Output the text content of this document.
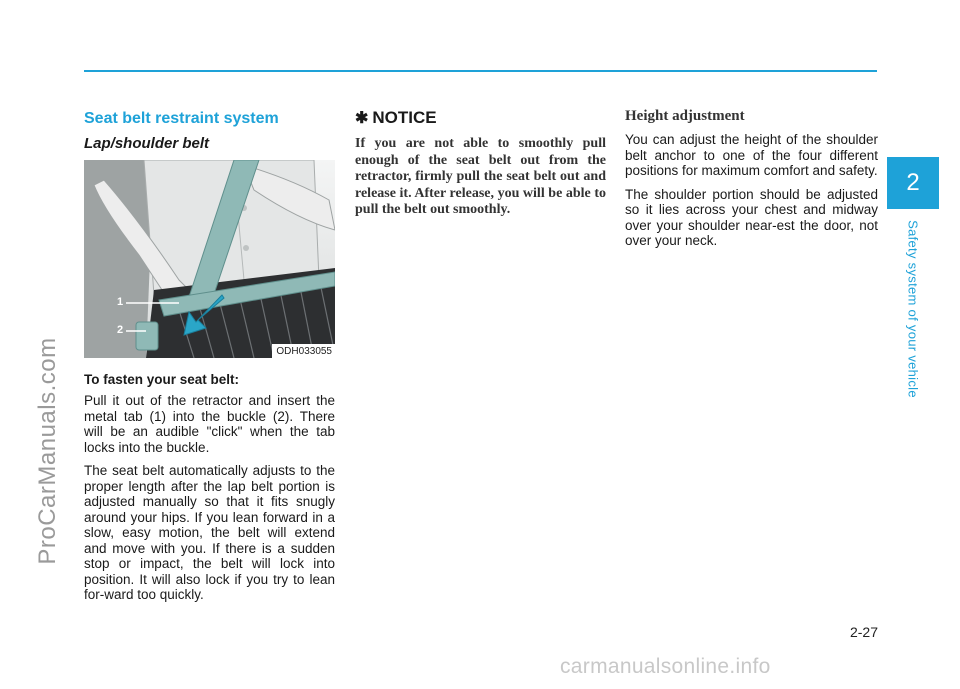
ProCarManuals.com
2
Safety system of your vehicle
Seat belt restraint system
Lap/shoulder belt
1
2
ODH033055
To fasten your seat belt:

Pull it out of the retractor and insert the metal tab (1) into the buckle (2). There will be an audible "click" when the tab locks into the buckle.

The seat belt automatically adjusts to the proper length after the lap belt portion is adjusted manually so that it fits snugly around your hips. If you lean forward in a slow, easy motion, the belt will extend and move with you. If there is a sudden stop or impact, the belt will lock into position. It will also lock if you try to lean for-ward too quickly.

✱ NOTICE

If you are not able to smoothly pull enough of the seat belt out from the retractor, firmly pull the seat belt out and release it. After release, you will be able to pull the belt out smoothly.

Height adjustment

You can adjust the height of the shoulder belt anchor to one of the four different positions for maximum comfort and safety.

The shoulder portion should be adjusted so it lies across your chest and midway over your shoulder near-est the door, not over your neck.

2-27
carmanualsonline.info
